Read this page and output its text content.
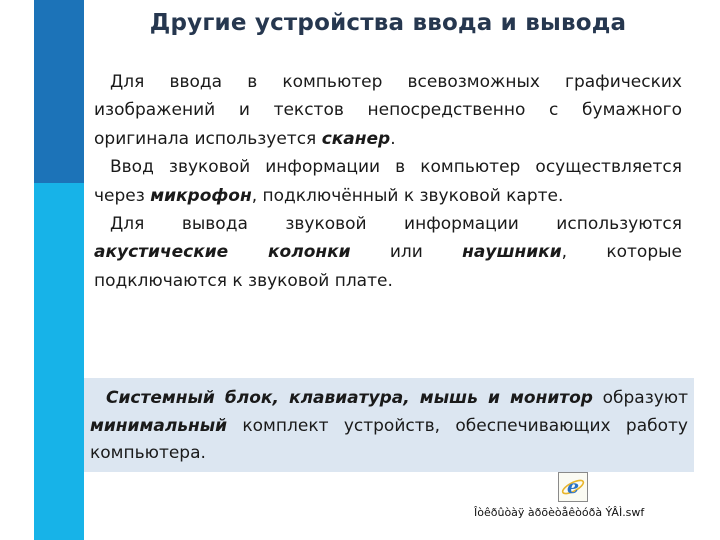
Другие устройства ввода и вывода

Для ввода в компьютер всевозможных графических изображений и текстов непосредственно с бумажного оригинала используется сканер.

Ввод звуковой информации в компьютер осуществляется через микрофон, подключённый к звуковой карте.

Для вывода звуковой информации используются акустические колонки или наушники, которые подключаются к звуковой плате.

Системный блок, клавиатура, мышь и монитор образуют минимальный комплект устройств, обеспечивающих работу компьютера.

e
Îòêðûòàÿ àðõèòåêòóðà ÝÂÌ.swf
